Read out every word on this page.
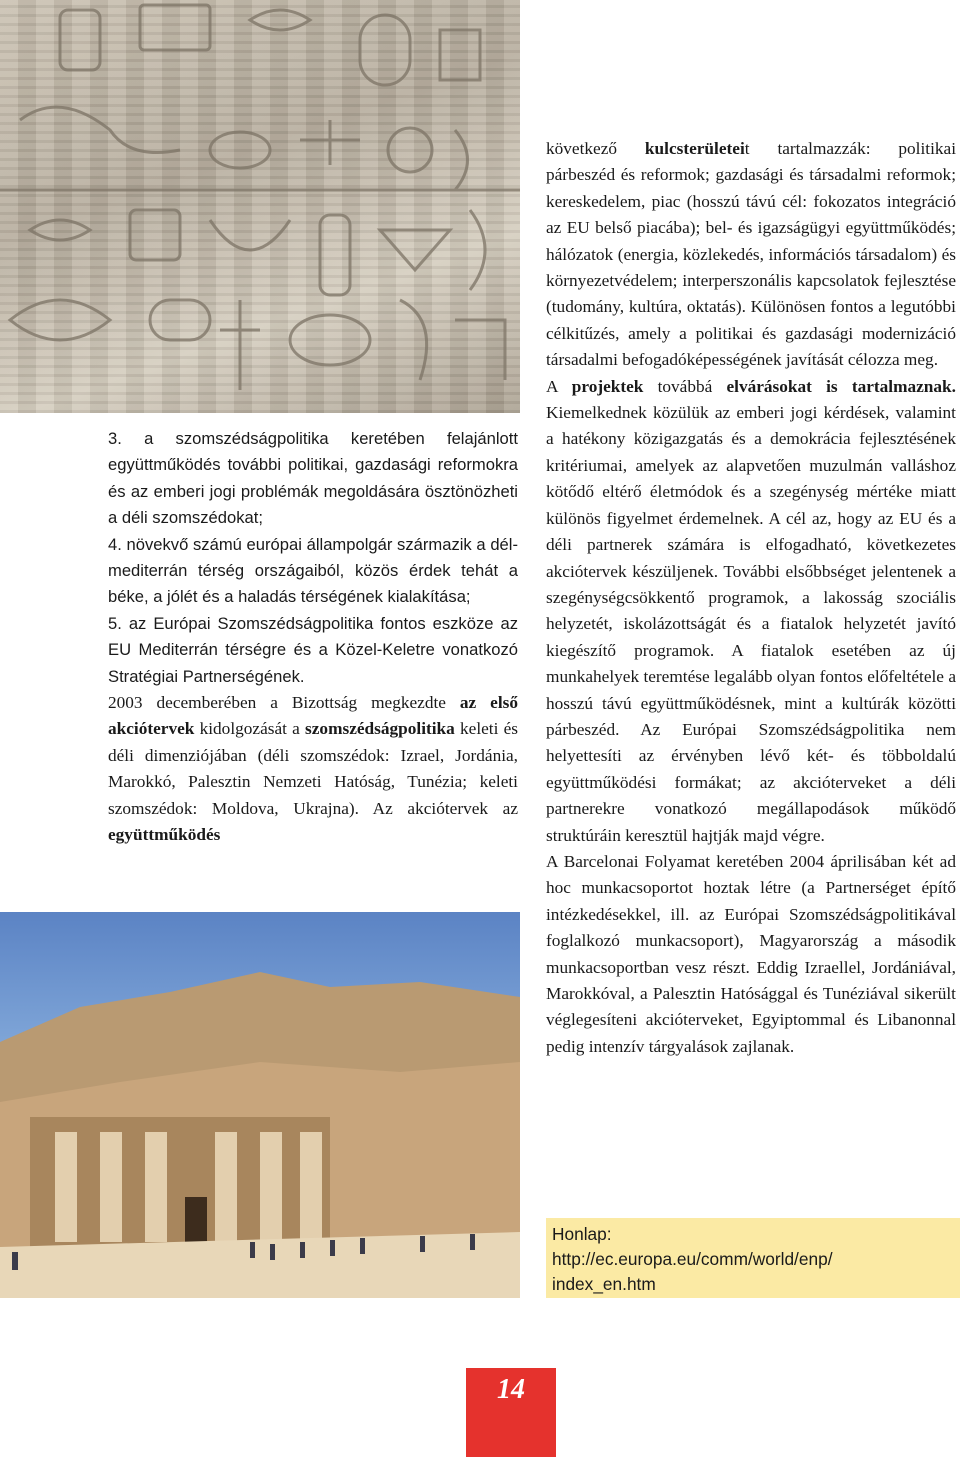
3. a szomszédságpolitika keretében felajánlott együttműködés további politikai, gazdasági reformokra és az emberi jogi problémák megoldására ösztönözheti a déli szomszédokat;

4. növekvő számú európai állampolgár származik a dél-mediterrán térség országaiból, közös érdek tehát a béke, a jólét és a haladás térségének kialakítása;

5. az Európai Szomszédságpolitika fontos eszköze az EU Mediterrán térségre és a Közel-Keletre vonatkozó Stratégiai Partnerségének.

2003 decemberében a Bizottság megkezdte az első akciótervek kidolgozását a szomszédságpolitika keleti és déli dimenziójában (déli szomszédok: Izrael, Jordánia, Marokkó, Palesztin Nemzeti Hatóság, Tunézia; keleti szomszédok: Moldova, Ukrajna). Az akciótervek az együttműködés

következő kulcsterületeit tartalmazzák: politikai párbeszéd és reformok; gazdasági és társadalmi reformok; kereskedelem, piac (hosszú távú cél: fokozatos integráció az EU belső piacába); bel- és igazságügyi együttműködés; hálózatok (energia, közlekedés, információs társadalom) és környezetvédelem; interperszonális kapcsolatok fejlesztése (tudomány, kultúra, oktatás). Különösen fontos a legutóbbi célkitűzés, amely a politikai és gazdasági modernizáció társadalmi befogadóképességének javítását célozza meg.

A projektek továbbá elvárásokat is tartalmaznak. Kiemelkednek közülük az emberi jogi kérdések, valamint a hatékony közigazgatás és a demokrácia fejlesztésének kritériumai, amelyek az alapvetően muzulmán valláshoz kötődő eltérő életmódok és a szegénység mértéke miatt különös figyelmet érdemelnek. A cél az, hogy az EU és a déli partnerek számára is elfogadható, következetes akciótervek készüljenek. További elsőbbséget jelentenek a szegénységcsökkentő programok, a lakosság szociális helyzetét, iskolázottságát és a fiatalok helyzetét javító kiegészítő programok. A fiatalok esetében az új munkahelyek teremtése legalább olyan fontos előfeltétele a hosszú távú együttműködésnek, mint a kultúrák közötti párbeszéd. Az Európai Szomszédságpolitika nem helyettesíti az érvényben lévő két- és többoldalú együttműködési formákat; az akcióterveket a déli partnerekre vonatkozó megállapodások működő struktúráin keresztül hajtják majd végre.

A Barcelonai Folyamat keretében 2004 áprilisában két ad hoc munkacsoportot hoztak létre (a Partnerséget építő intézkedésekkel, ill. az Európai Szomszédságpolitikával foglalkozó munkacsoport), Magyarország a második munkacsoportban vesz részt. Eddig Izraellel, Jordániával, Marokkóval, a Palesztin Hatósággal és Tunéziával sikerült véglegesíteni akcióterveket, Egyiptommal és Libanonnal pedig intenzív tárgyalások zajlanak.

Honlap:
http://ec.europa.eu/comm/world/enp/
index_en.htm
14
